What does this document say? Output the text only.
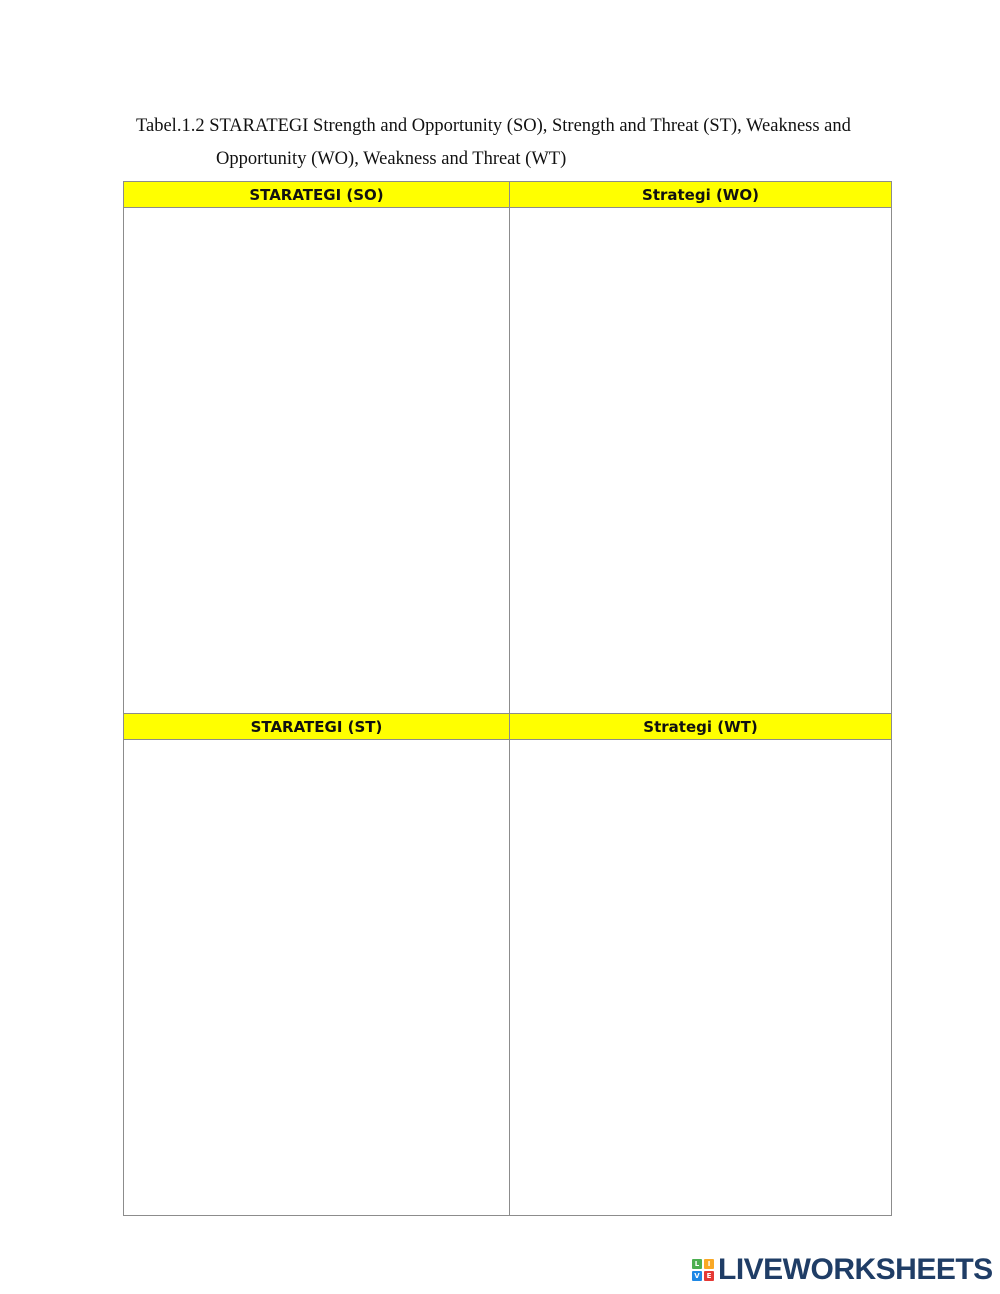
Tabel.1.2 STARATEGI Strength and Opportunity (SO), Strength and Threat (ST), Weakness and
Opportunity (WO), Weakness and Threat (WT)
STARATEGI (SO)	Strategi (WO)

STARATEGI (ST)	Strategi (WT)

L	I
V E LIVEWORKSHEETS
